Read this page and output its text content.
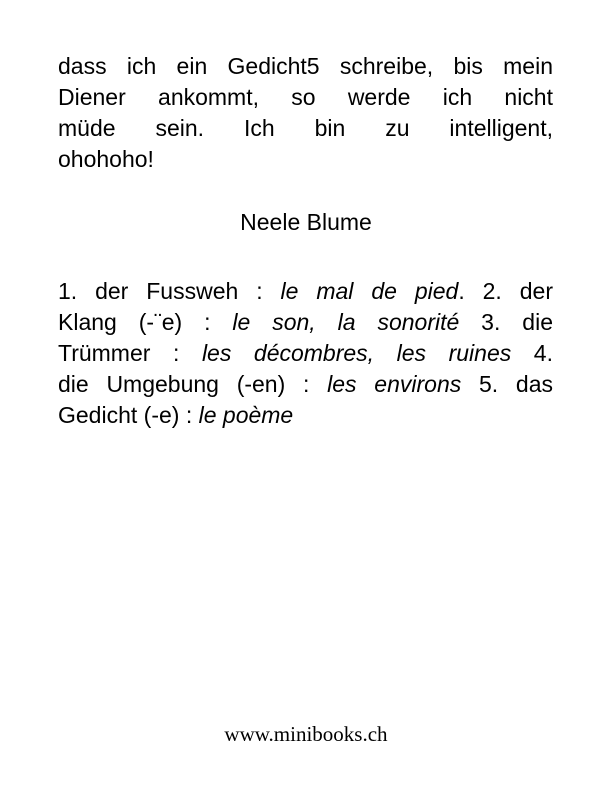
dass ich ein Gedicht5 schreibe, bis mein
Diener ankommt, so werde ich nicht
müde sein. Ich bin zu intelligent,
ohohoho!
Neele Blume
1. der Fussweh : le mal de pied. 2. der
Klang (-¨e) : le son, la sonorité 3. die
Trümmer : les décombres, les ruines 4.
die Umgebung (-en) : les environs 5. das
Gedicht (-e) : le poème
www.minibooks.ch
